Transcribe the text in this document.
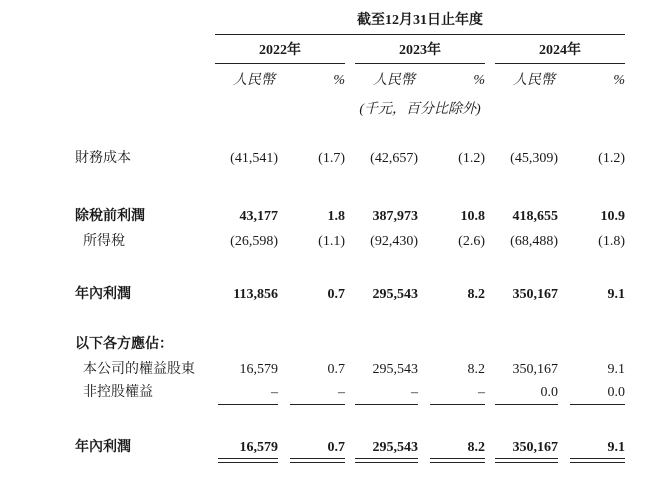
截至12月31日止年度
2022年	2023年	2024年
人民幣	%	人民幣	%	人民幣	%
(千元，百分比除外)
財務成本	(41,541)	(1.7)	(42,657)	(1.2)	(45,309)	(1.2)
除稅前利潤	43,177	1.8	387,973	10.8	418,655	10.9
所得稅	(26,598)	(1.1)	(92,430)	(2.6)	(68,488)	(1.8)
年內利潤	113,856	0.7	295,543	8.2	350,167	9.1
以下各方應佔：
本公司的權益股東	16,579	0.7	295,543	8.2	350,167	9.1
非控股權益	–	–	–	–	0.0	0.0
年內利潤	16,579	0.7	295,543	8.2	350,167	9.1
